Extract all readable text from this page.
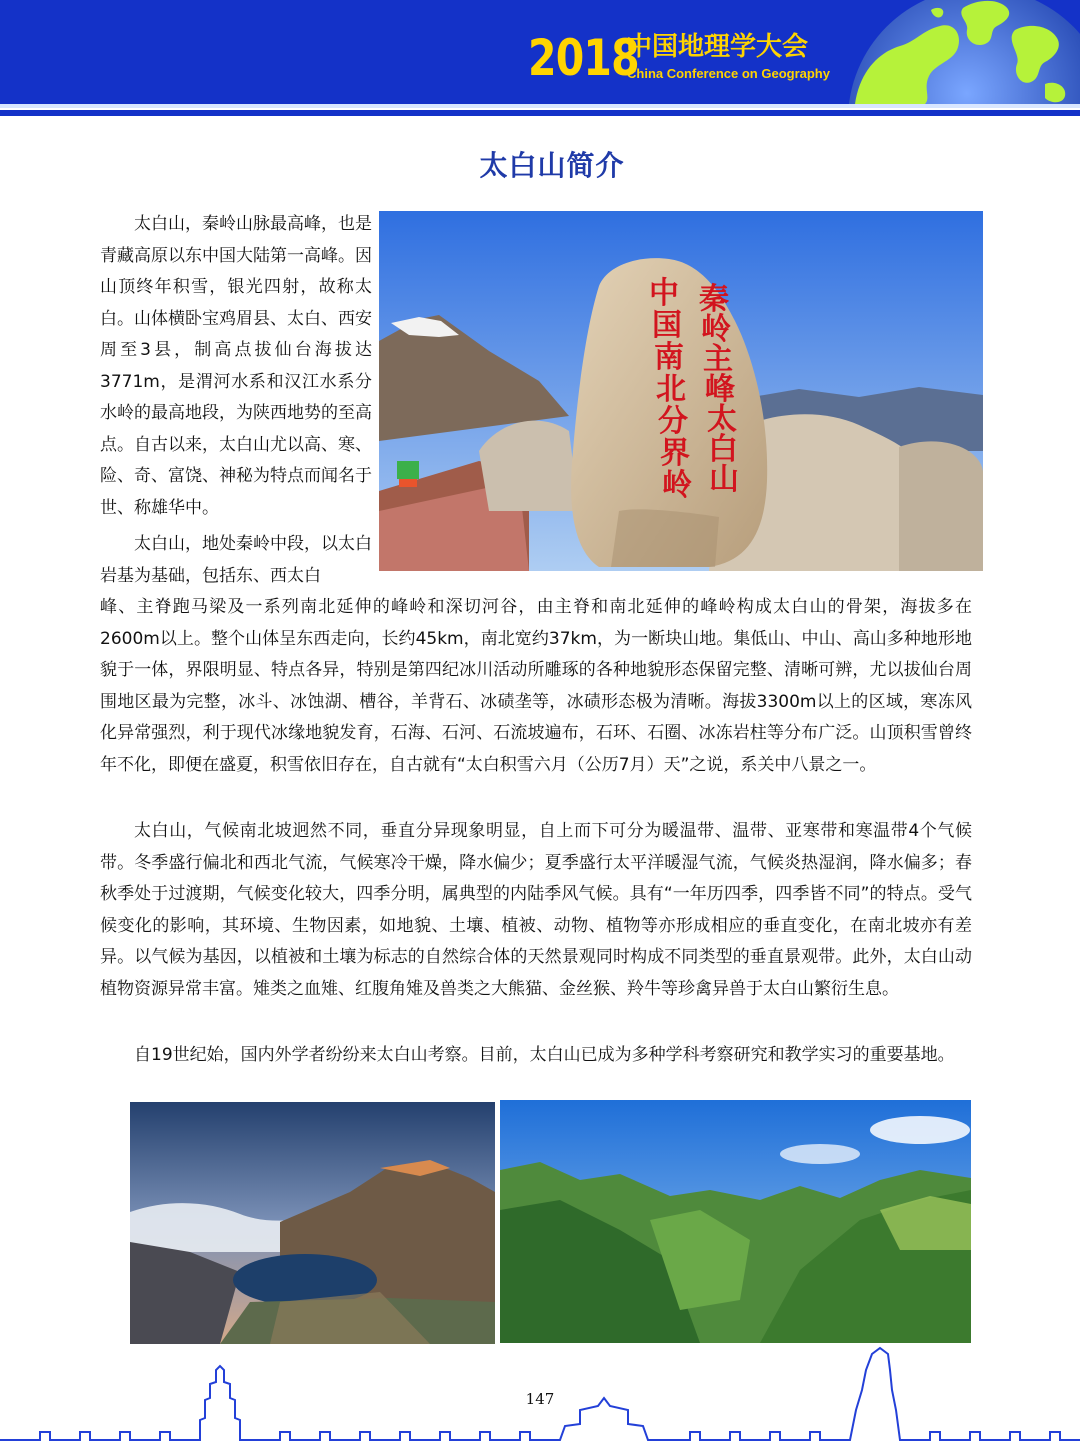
2018
中国地理学大会
China Conference on Geography
太白山简介
秦
岭
主
峰
太
白
山
中
国
南
北
分
界
岭

太白山，秦岭山脉最高峰，也是青藏高原以东中国大陆第一高峰。因山顶终年积雪，银光四射，故称太白。山体横卧宝鸡眉县、太白、西安周至3县，制高点拔仙台海拔达3771m，是渭河水系和汉江水系分水岭的最高地段，为陕西地势的至高点。自古以来，太白山尤以高、寒、险、奇、富饶、神秘为特点而闻名于世、称雄华中。

太白山，地处秦岭中段，以太白岩基为基础，包括东、西太白

峰、主脊跑马梁及一系列南北延伸的峰岭和深切河谷，由主脊和南北延伸的峰岭构成太白山的骨架，海拔多在2600m以上。整个山体呈东西走向，长约45km，南北宽约37km，为一断块山地。集低山、中山、高山多种地形地貌于一体，界限明显、特点各异，特别是第四纪冰川活动所雕琢的各种地貌形态保留完整、清晰可辨，尤以拔仙台周围地区最为完整，冰斗、冰蚀湖、槽谷，羊背石、冰碛垄等，冰碛形态极为清晰。海拔3300m以上的区域，寒冻风化异常强烈，利于现代冰缘地貌发育，石海、石河、石流坡遍布，石环、石圈、冰冻岩柱等分布广泛。山顶积雪曾终年不化，即便在盛夏，积雪依旧存在，自古就有“太白积雪六月（公历7月）天”之说，系关中八景之一。

太白山，气候南北坡迥然不同，垂直分异现象明显，自上而下可分为暖温带、温带、亚寒带和寒温带4个气候带。冬季盛行偏北和西北气流，气候寒冷干燥，降水偏少；夏季盛行太平洋暖湿气流，气候炎热湿润，降水偏多；春秋季处于过渡期，气候变化较大，四季分明，属典型的内陆季风气候。具有“一年历四季，四季皆不同”的特点。受气候变化的影响，其环境、生物因素，如地貌、土壤、植被、动物、植物等亦形成相应的垂直变化，在南北坡亦有差异。以气候为基因，以植被和土壤为标志的自然综合体的天然景观同时构成不同类型的垂直景观带。此外，太白山动植物资源异常丰富。雉类之血雉、红腹角雉及兽类之大熊猫、金丝猴、羚牛等珍禽异兽于太白山繁衍生息。

自19世纪始，国内外学者纷纷来太白山考察。目前，太白山已成为多种学科考察研究和教学实习的重要基地。

147
